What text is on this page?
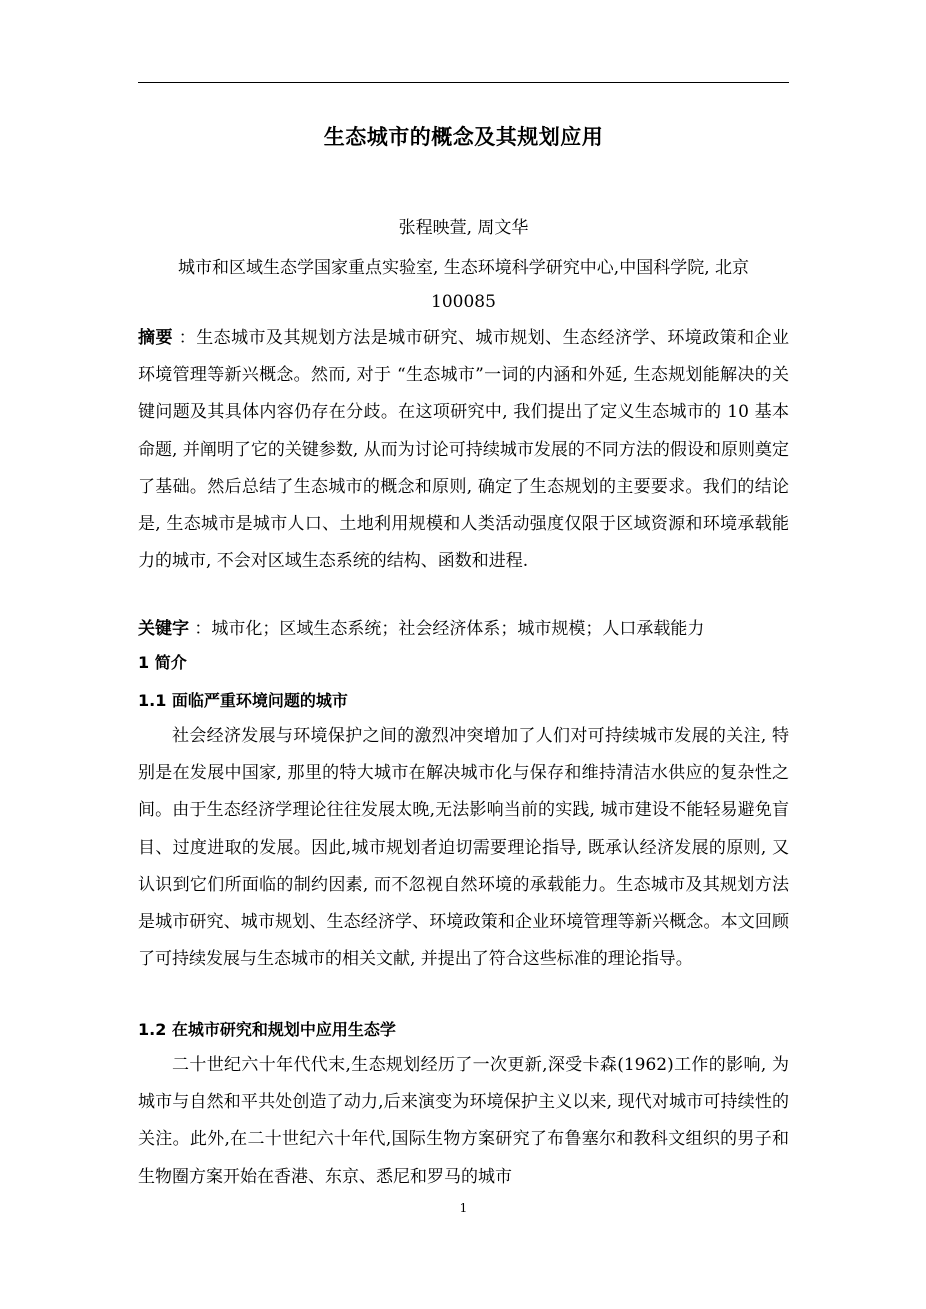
生态城市的概念及其规划应用
张程映萱, 周文华
城市和区域生态学国家重点实验室, 生态环境科学研究中心,中国科学院, 北京
100085
摘要 ：生态城市及其规划方法是城市研究、城市规划、生态经济学、环境政策和企业环境管理等新兴概念。然而, 对于 “生态城市”一词的内涵和外延, 生态规划能解决的关键问题及其具体内容仍存在分歧。在这项研究中, 我们提出了定义生态城市的 10 基本命题, 并阐明了它的关键参数, 从而为讨论可持续城市发展的不同方法的假设和原则奠定了基础。然后总结了生态城市的概念和原则, 确定了生态规划的主要要求。我们的结论是, 生态城市是城市人口、土地利用规模和人类活动强度仅限于区域资源和环境承载能力的城市, 不会对区域生态系统的结构、函数和进程.
关键字 ：城市化；区域生态系统；社会经济体系；城市规模；人口承载能力
1 简介
1.1 面临严重环境问题的城市
社会经济发展与环境保护之间的激烈冲突增加了人们对可持续城市发展的关注, 特别是在发展中国家, 那里的特大城市在解决城市化与保存和维持清洁水供应的复杂性之间。由于生态经济学理论往往发展太晚,无法影响当前的实践, 城市建设不能轻易避免盲目、过度进取的发展。因此,城市规划者迫切需要理论指导, 既承认经济发展的原则, 又认识到它们所面临的制约因素, 而不忽视自然环境的承载能力。生态城市及其规划方法是城市研究、城市规划、生态经济学、环境政策和企业环境管理等新兴概念。本文回顾了可持续发展与生态城市的相关文献, 并提出了符合这些标准的理论指导。
1.2 在城市研究和规划中应用生态学
二十世纪六十年代代末,生态规划经历了一次更新,深受卡森(1962)工作的影响, 为城市与自然和平共处创造了动力,后来演变为环境保护主义以来, 现代对城市可持续性的关注。此外,在二十世纪六十年代,国际生物方案研究了布鲁塞尔和教科文组织的男子和生物圈方案开始在香港、东京、悉尼和罗马的城市
1
